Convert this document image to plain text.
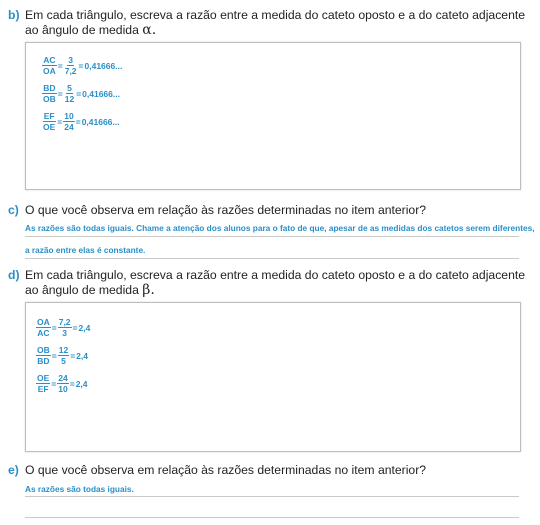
b) Em cada triângulo, escreva a razão entre a medida do cateto oposto e a do cateto adjacente ao ângulo de medida α.
$\frac{AC}{OA} = \frac{3}{7,2} = 0,41666$...
$\frac{BD}{OB} = \frac{5}{12} = 0,41666$...
$\frac{EF}{OE} = \frac{10}{24} = 0,41666$...
c) O que você observa em relação às razões determinadas no item anterior?
As razões são todas iguais. Chame a atenção dos alunos para o fato de que, apesar de as medidas dos catetos serem diferentes,
a razão entre elas é constante.
d) Em cada triângulo, escreva a razão entre a medida do cateto oposto e a do cateto adjacente ao ângulo de medida β.
$\frac{OA}{AC} = \frac{7,2}{3} = 2,4$
$\frac{OB}{BD} = \frac{12}{5} = 2,4$
$\frac{OE}{EF} = \frac{24}{10} = 2,4$
e) O que você observa em relação às razões determinadas no item anterior?
As razões são todas iguais.
